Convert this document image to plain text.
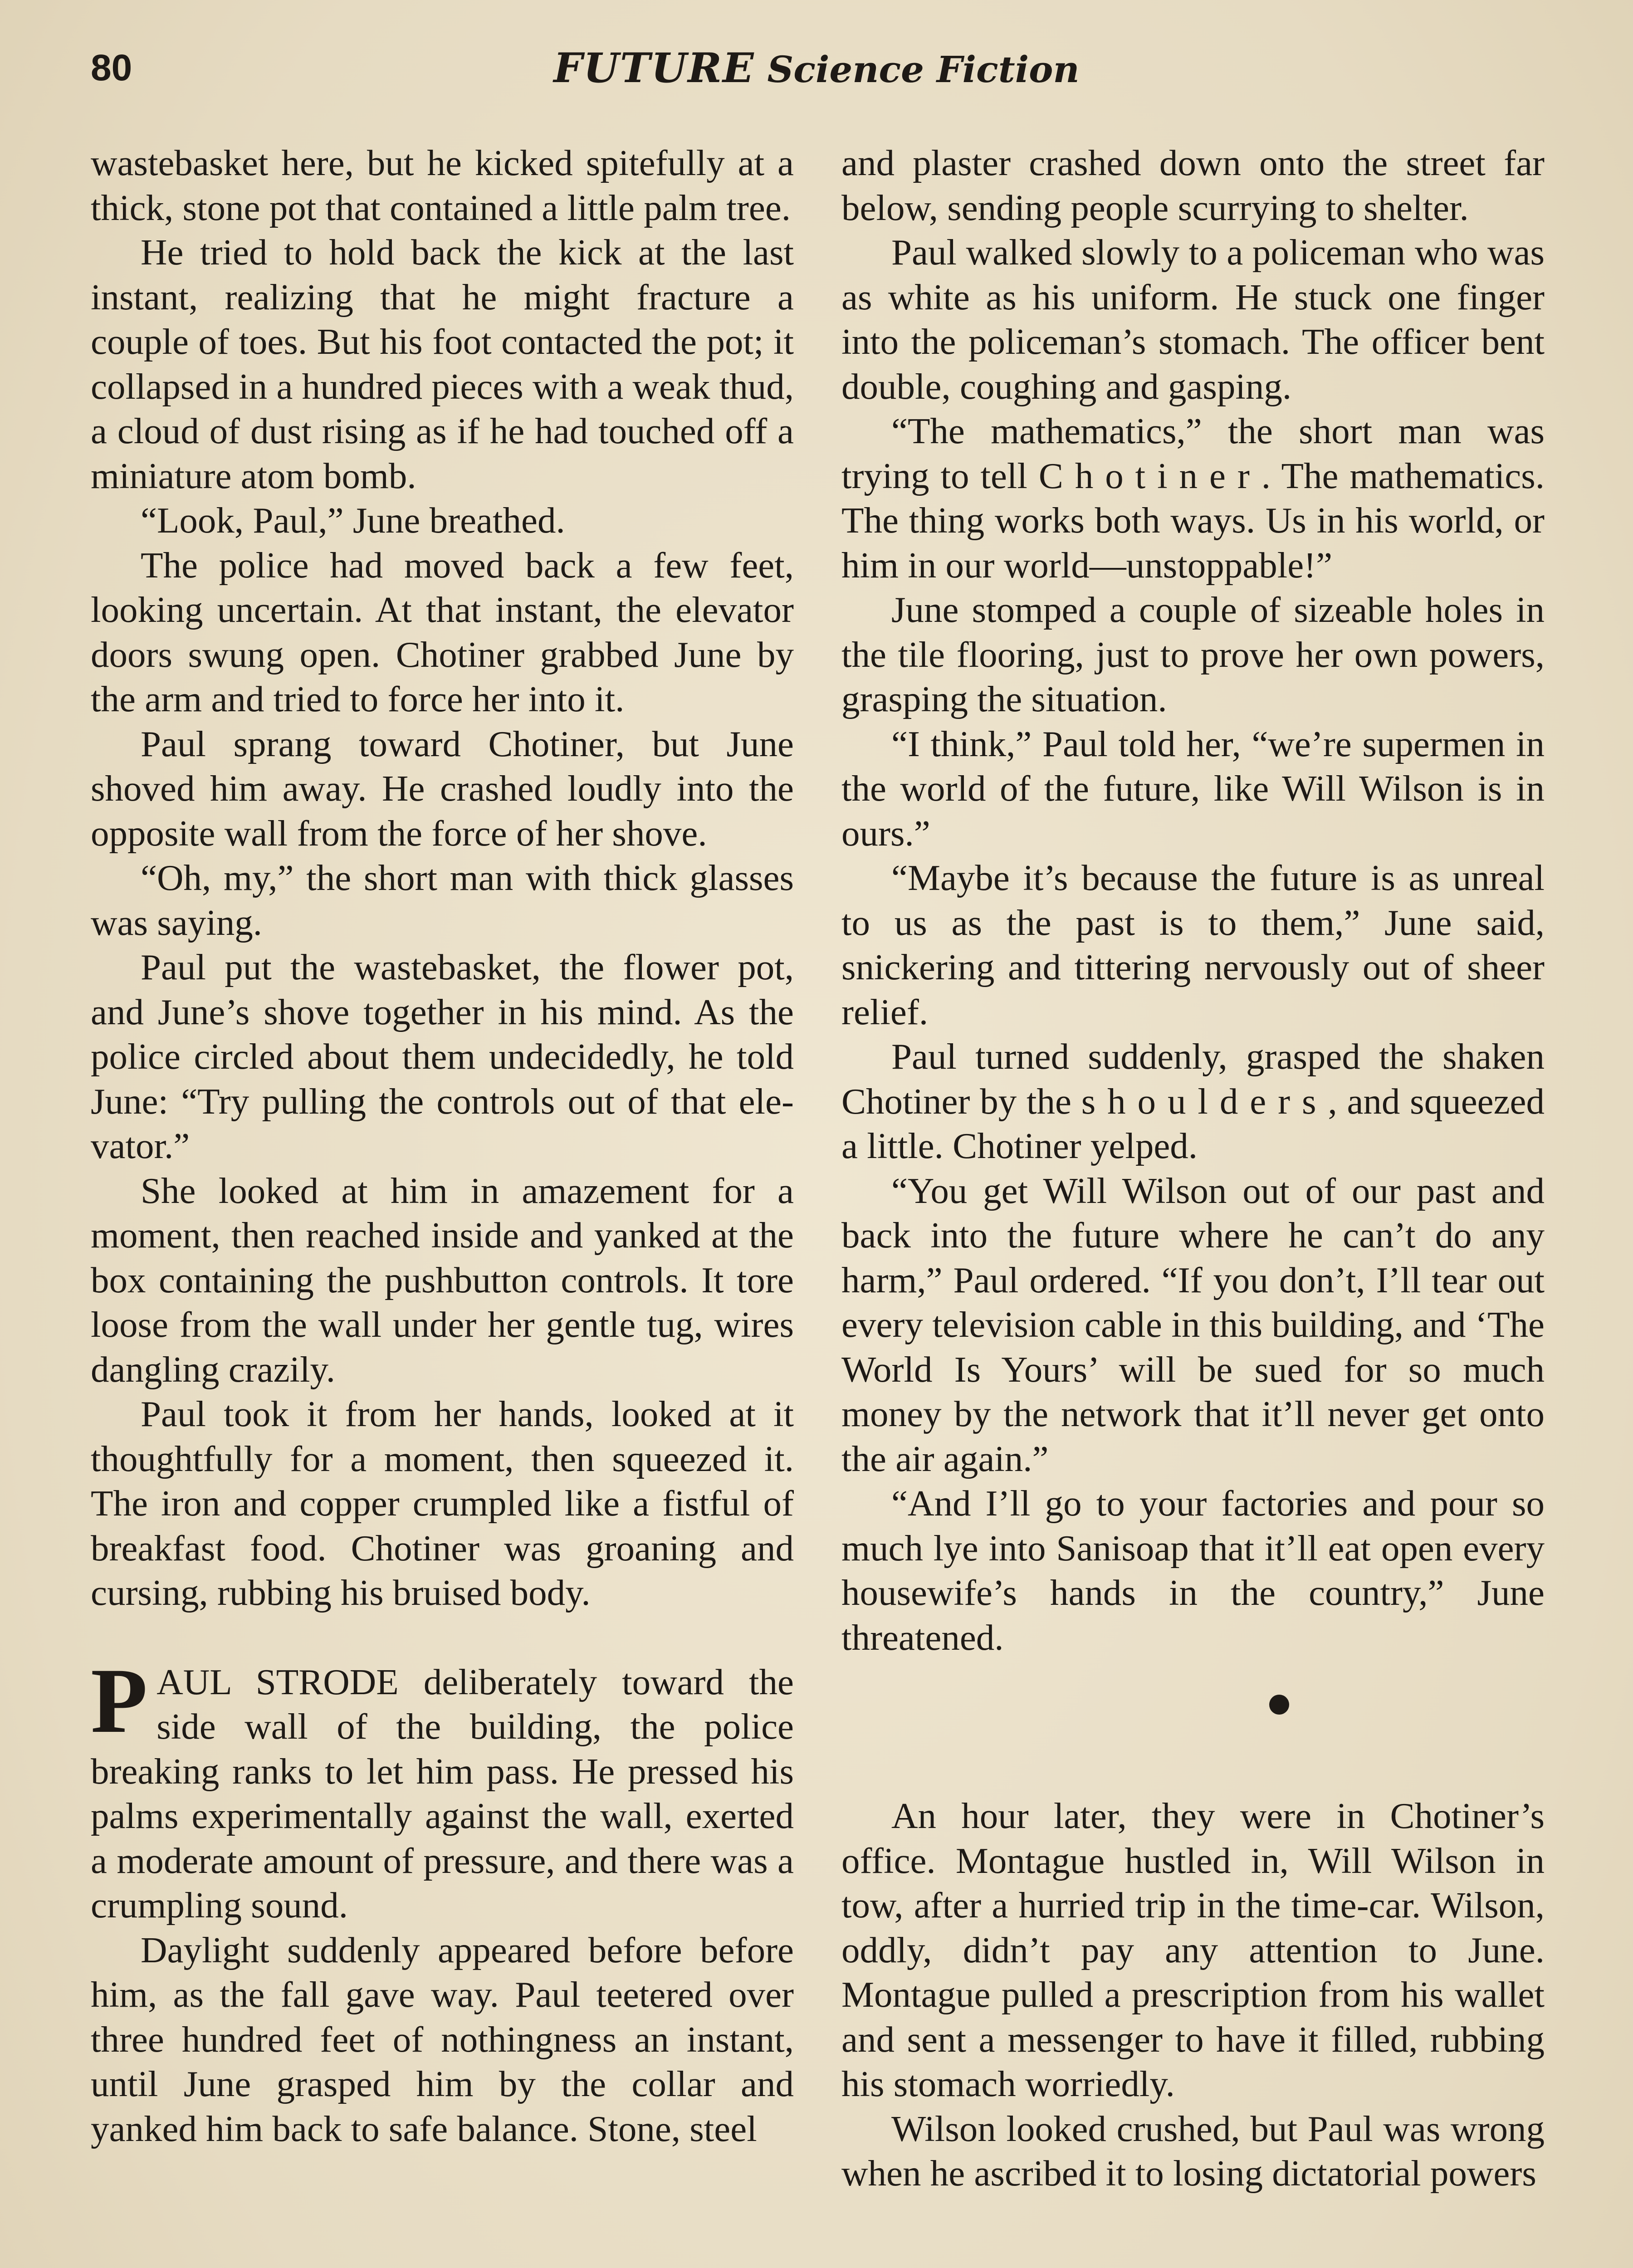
80	FUTURE Science Fiction

wastebasket here, but he kicked spitefully at a thick, stone pot that contained a little palm tree.

He tried to hold back the kick at the last instant, realizing that he might fracture a couple of toes. But his foot contacted the pot; it collapsed in a hundred pieces with a weak thud, a cloud of dust rising as if he had touched off a miniature atom bomb.

“Look, Paul,” June breathed.

The police had moved back a few feet, looking uncertain. At that instant, the elevator doors swung open. Chotiner grabbed June by the arm and tried to force her into it.

Paul sprang toward Chotiner, but June shoved him away. He crashed loudly into the opposite wall from the force of her shove.

“Oh, my,” the short man with thick glasses was saying.

Paul put the wastebasket, the flower pot, and June’s shove together in his mind. As the police circled about them undecidedly, he told June: “Try pulling the controls out of that elevator.”

She looked at him in amazement for a moment, then reached inside and yanked at the box containing the pushbutton controls. It tore loose from the wall under her gentle tug, wires dangling crazily.

Paul took it from her hands, looked at it thoughtfully for a moment, then squeezed it. The iron and copper crumpled like a fistful of breakfast food. Chotiner was groaning and cursing, rubbing his bruised body.

PAUL STRODE deliberately toward the side wall of the building, the police breaking ranks to let him pass. He pressed his palms experimentally against the wall, exerted a moderate amount of pressure, and there was a crumpling sound.

Daylight suddenly appeared before before him, as the fall gave way. Paul teetered over three hundred feet of nothingness an instant, until June grasped him by the collar and yanked him back to safe balance. Stone, steel

and plaster crashed down onto the street far below, sending people scurrying to shelter.

Paul walked slowly to a policeman who was as white as his uniform. He stuck one finger into the policeman’s stomach. The officer bent double, coughing and gasping.

“The mathematics,” the short man was trying to tell Chotiner. The mathematics. The thing works both ways. Us in his world, or him in our world—unstoppable!”

June stomped a couple of sizeable holes in the tile flooring, just to prove her own powers, grasping the situation.

“I think,” Paul told her, “we’re supermen in the world of the future, like Will Wilson is in ours.”

“Maybe it’s because the future is as unreal to us as the past is to them,” June said, snickering and tittering nervously out of sheer relief.

Paul turned suddenly, grasped the shaken Chotiner by the shoulders, and squeezed a little. Chotiner yelped.

“You get Will Wilson out of our past and back into the future where he can’t do any harm,” Paul ordered. “If you don’t, I’ll tear out every television cable in this building, and ‘The World Is Yours’ will be sued for so much money by the network that it’ll never get onto the air again.”

“And I’ll go to your factories and pour so much lye into Sanisoap that it’ll eat open every housewife’s hands in the country,” June threatened.

An hour later, they were in Chotiner’s office. Montague hustled in, Will Wilson in tow, after a hurried trip in the time-car. Wilson, oddly, didn’t pay any attention to June. Montague pulled a prescription from his wallet and sent a messenger to have it filled, rubbing his stomach worriedly.

Wilson looked crushed, but Paul was wrong when he ascribed it to losing dictatorial powers
